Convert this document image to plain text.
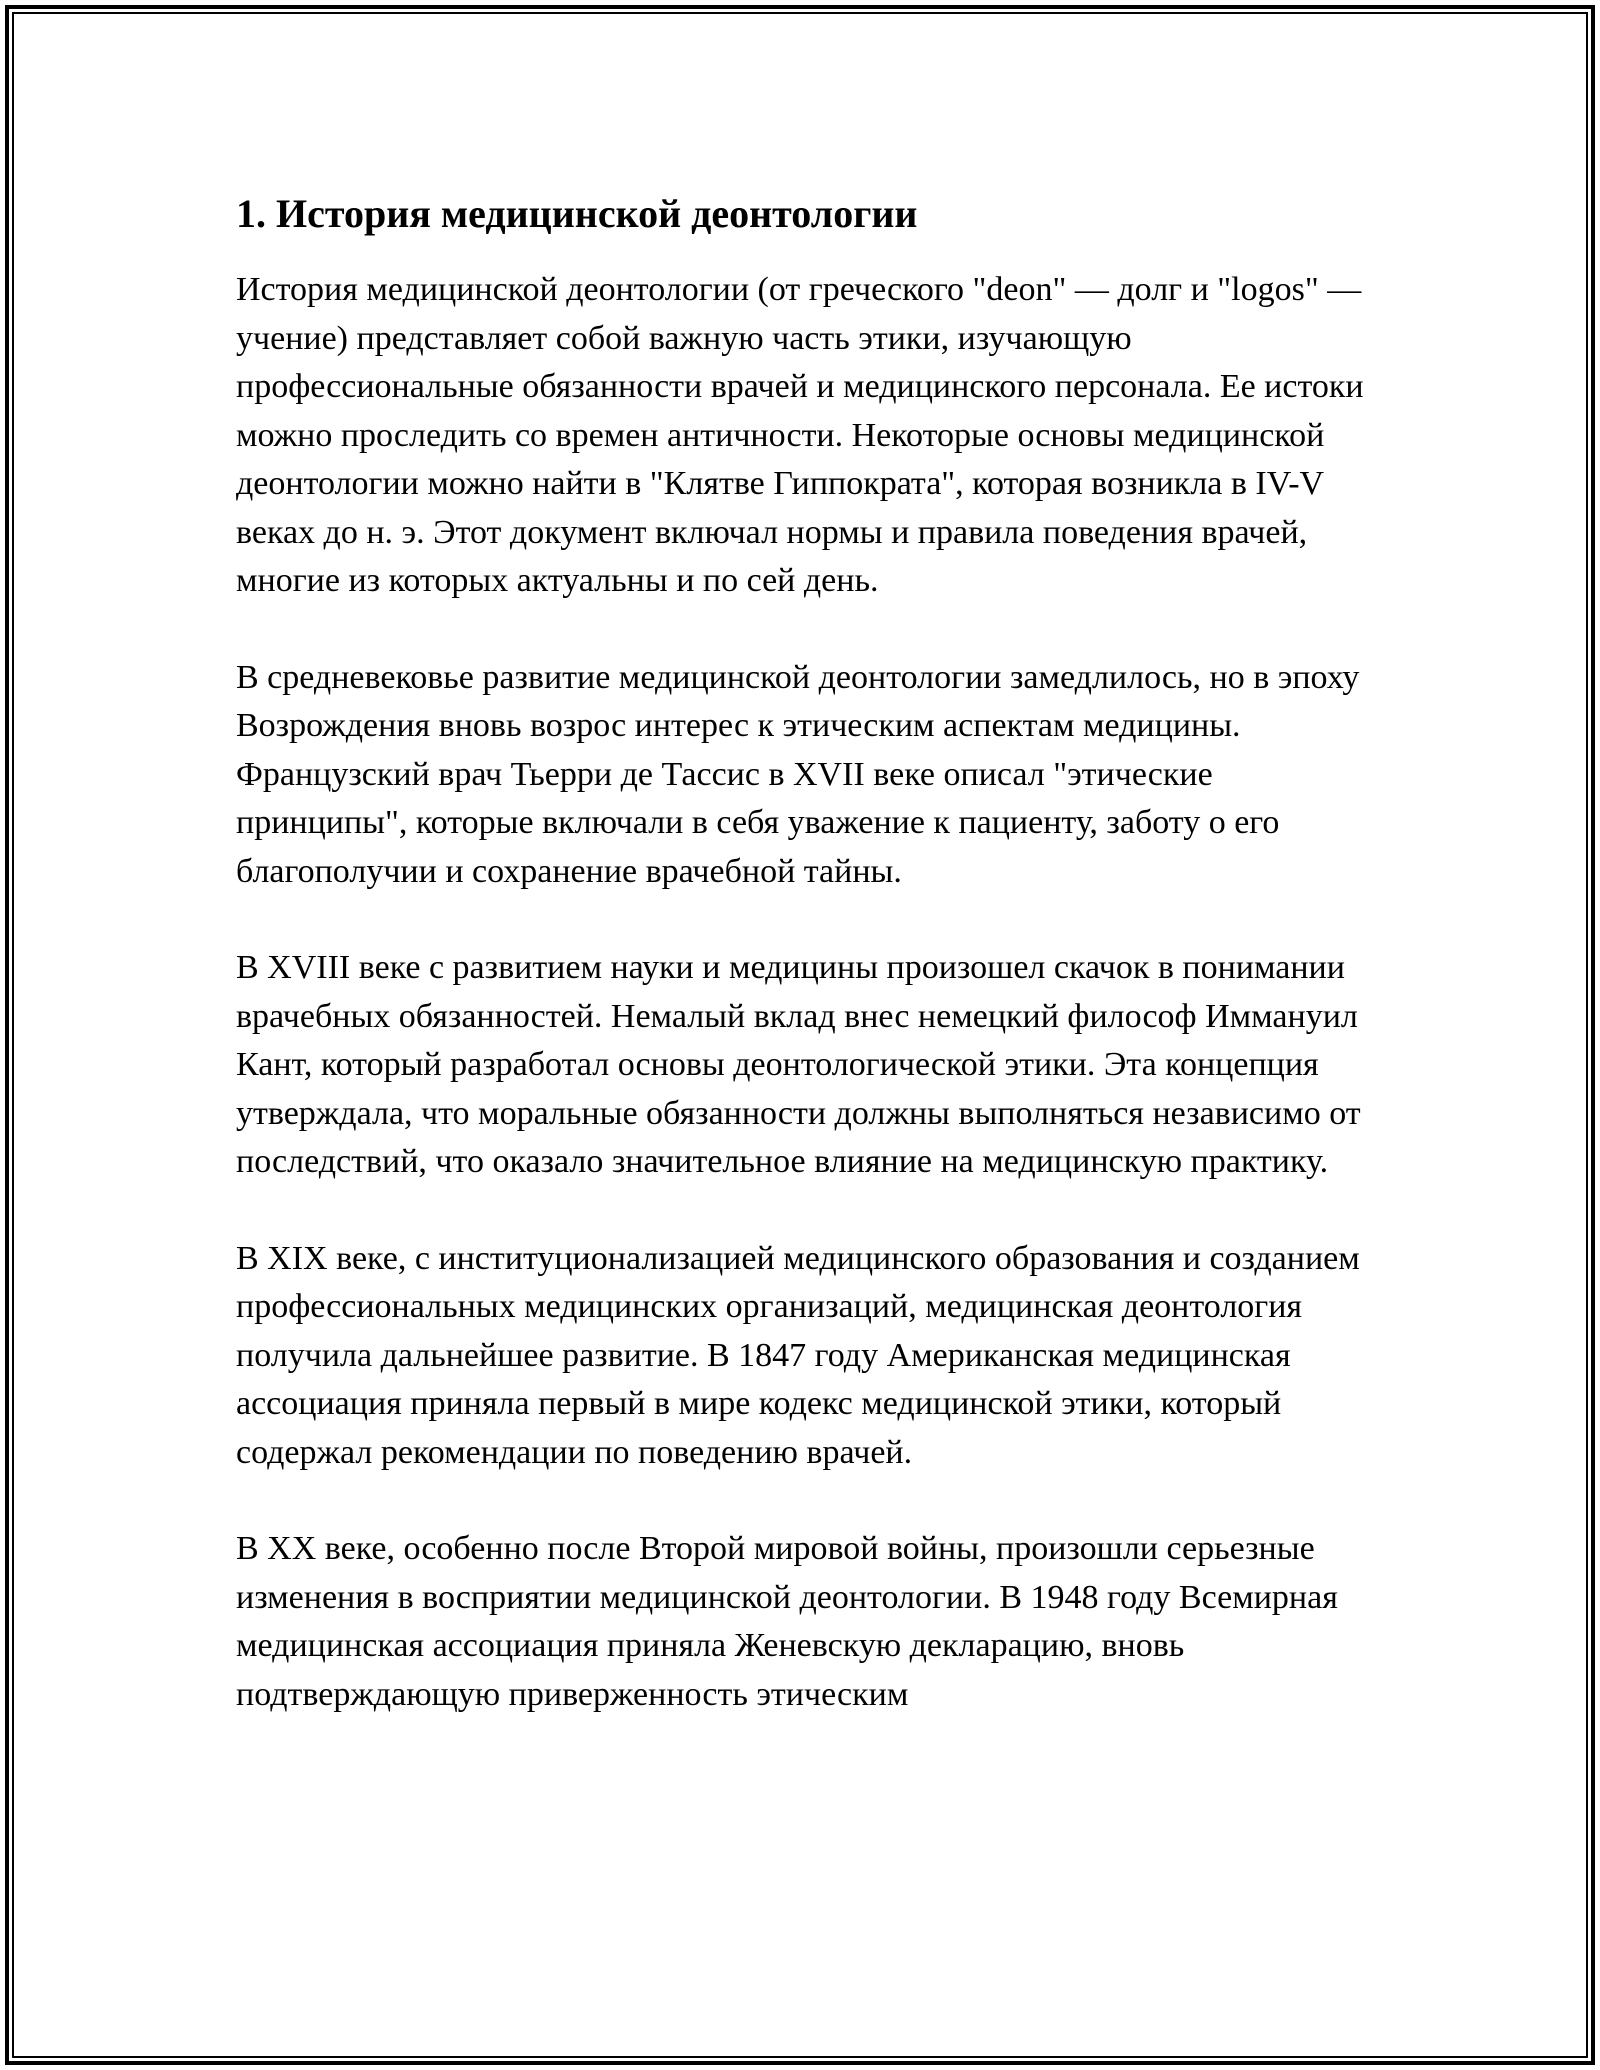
1. История медицинской деонтологии

История медицинской деонтологии (от греческого "deon" — долг и "logos" — учение) представляет собой важную часть этики, изучающую профессиональные обязанности врачей и медицинского персонала. Ее истоки можно проследить со времен античности. Некоторые основы медицинской деонтологии можно найти в "Клятве Гиппократа", которая возникла в IV-V веках до н. э. Этот документ включал нормы и правила поведения врачей, многие из которых актуальны и по сей день.

В средневековье развитие медицинской деонтологии замедлилось, но в эпоху Возрождения вновь возрос интерес к этическим аспектам медицины. Французский врач Тьерри де Тассис в XVII веке описал "этические принципы", которые включали в себя уважение к пациенту, заботу о его благополучии и сохранение врачебной тайны.

В XVIII веке с развитием науки и медицины произошел скачок в понимании врачебных обязанностей. Немалый вклад внес немецкий философ Иммануил Кант, который разработал основы деонтологической этики. Эта концепция утверждала, что моральные обязанности должны выполняться независимо от последствий, что оказало значительное влияние на медицинскую практику.

В XIX веке, с институционализацией медицинского образования и созданием профессиональных медицинских организаций, медицинская деонтология получила дальнейшее развитие. В 1847 году Американская медицинская ассоциация приняла первый в мире кодекс медицинской этики, который содержал рекомендации по поведению врачей.

В XX веке, особенно после Второй мировой войны, произошли серьезные изменения в восприятии медицинской деонтологии. В 1948 году Всемирная медицинская ассоциация приняла Женевскую декларацию, вновь подтверждающую приверженность этическим
